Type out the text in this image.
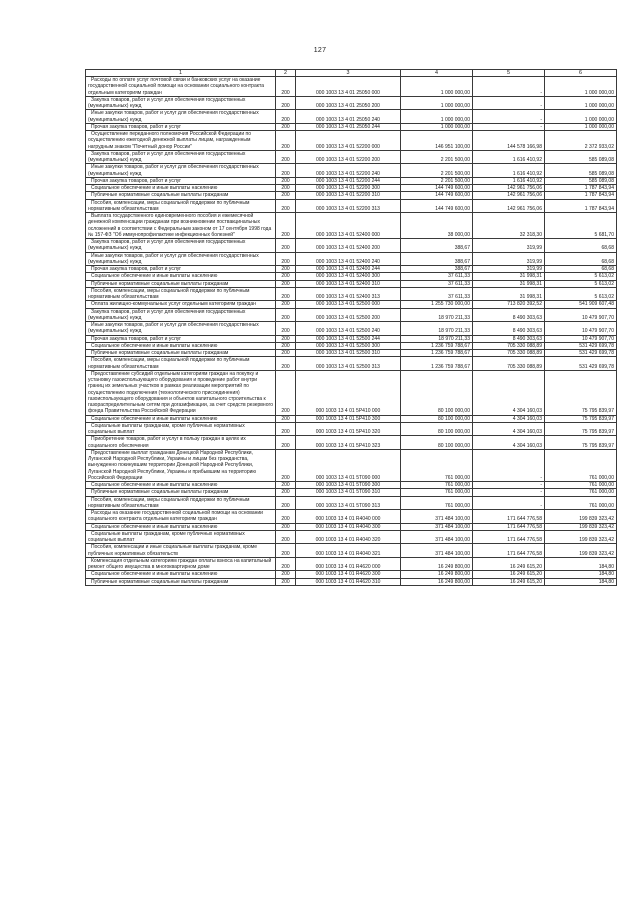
127
1	2	3	4	5	6
Расходы по оплате услуг почтовой связи и банковских услуг на оказание государственной социальной помощи на основании социального контракта отдельным категориям граждан	200	000 1003 13 4 01 25050 000	1 000 000,00	-	1 000 000,00
Закупка товаров, работ и услуг для обеспечения государственных (муниципальных) нужд	200	000 1003 13 4 01 25050 200	1 000 000,00	-	1 000 000,00
Иные закупки товаров, работ и услуг для обеспечения государственных (муниципальных) нужд	200	000 1003 13 4 01 25050 240	1 000 000,00	-	1 000 000,00
Прочая закупка товаров, работ и услуг	200	000 1003 13 4 01 25050 244	1 000 000,00	-	1 000 000,00
Осуществление переданного полномочия Российской Федерации по осуществлению ежегодной денежной выплаты лицам, награжденным нагрудным знаком "Почетный донор России"	200	000 1003 13 4 01 52200 000	146 951 100,00	144 578 166,98	2 372 933,02
Закупка товаров, работ и услуг для обеспечения государственных (муниципальных) нужд	200	000 1003 13 4 01 52200 200	2 201 500,00	1 616 410,92	585 089,08
Иные закупки товаров, работ и услуг для обеспечения государственных (муниципальных) нужд	200	000 1003 13 4 01 52200 240	2 201 500,00	1 616 410,92	585 089,08
Прочая закупка товаров, работ и услуг	200	000 1003 13 4 01 52200 244	2 201 500,00	1 616 410,92	585 089,08
Социальное обеспечение и иные выплаты населению	200	000 1003 13 4 01 52200 300	144 749 600,00	142 961 756,06	1 787 843,94
Публичные нормативные социальные выплаты гражданам	200	000 1003 13 4 01 52200 310	144 749 600,00	142 961 756,06	1 787 843,94
Пособия, компенсации, меры социальной поддержки по публичным нормативным обязательствам	200	000 1003 13 4 01 52200 313	144 749 600,00	142 961 756,06	1 787 843,94
Выплата государственного единовременного пособия и ежемесячной денежной компенсации гражданам при возникновении поствакцинальных осложнений в соответствии с Федеральным законом от 17 сентября 1998 года № 157-ФЗ "Об иммунопрофилактике инфекционных болезней"	200	000 1003 13 4 01 52400 000	38 000,00	32 318,30	5 681,70
Закупка товаров, работ и услуг для обеспечения государственных (муниципальных) нужд	200	000 1003 13 4 01 52400 200	388,67	319,99	68,68
Иные закупки товаров, работ и услуг для обеспечения государственных (муниципальных) нужд	200	000 1003 13 4 01 52400 240	388,67	319,99	68,68
Прочая закупка товаров, работ и услуг	200	000 1003 13 4 01 52400 244	388,67	319,99	68,68
Социальное обеспечение и иные выплаты населению	200	000 1003 13 4 01 52400 300	37 611,33	31 998,31	5 613,02
Публичные нормативные социальные выплаты гражданам	200	000 1003 13 4 01 52400 310	37 611,33	31 998,31	5 613,02
Пособия, компенсации, меры социальной поддержки по публичным нормативным обязательствам	200	000 1003 13 4 01 52400 313	37 611,33	31 998,31	5 613,02
Оплата жилищно-коммунальных услуг отдельным категориям граждан	200	000 1003 13 4 01 52500 000	1 255 730 000,00	713 820 392,52	541 909 607,48
Закупка товаров, работ и услуг для обеспечения государственных (муниципальных) нужд	200	000 1003 13 4 01 52500 200	18 970 211,33	8 490 303,63	10 479 907,70
Иные закупки товаров, работ и услуг для обеспечения государственных (муниципальных) нужд	200	000 1003 13 4 01 52500 240	18 970 211,33	8 490 303,63	10 479 907,70
Прочая закупка товаров, работ и услуг	200	000 1003 13 4 01 52500 244	18 970 211,33	8 490 303,63	10 479 907,70
Социальное обеспечение и иные выплаты населению	200	000 1003 13 4 01 52500 300	1 236 759 788,67	705 330 088,89	531 429 699,78
Публичные нормативные социальные выплаты гражданам	200	000 1003 13 4 01 52500 310	1 236 759 788,67	705 330 088,89	531 429 699,78
Пособия, компенсации, меры социальной поддержки по публичным нормативным обязательствам	200	000 1003 13 4 01 52500 313	1 236 759 788,67	705 330 088,89	531 429 699,78
Предоставление субсидий отдельным категориям граждан на покупку и установку газоиспользующего оборудования и проведение работ внутри границ их земельных участков в рамках реализации мероприятий по осуществлению подключения (технологического присоединения) газоиспользующего оборудования и объектов капитального строительства к газораспределительным сетям при догазификации, за счет средств резервного фонда Правительства Российской Федерации	200	000 1003 13 4 01 5Р410 000	80 100 000,00	4 304 160,03	75 795 839,97
Социальное обеспечение и иные выплаты населению	200	000 1003 13 4 01 5Р410 300	80 100 000,00	4 304 160,03	75 795 839,97
Социальные выплаты гражданам, кроме публичных нормативных социальных выплат	200	000 1003 13 4 01 5Р410 320	80 100 000,00	4 304 160,03	75 795 839,97
Приобретение товаров, работ и услуг в пользу граждан в целях их социального обеспечения	200	000 1003 13 4 01 5Р410 323	80 100 000,00	4 304 160,03	75 795 839,97
Предоставление выплат гражданам Донецкой Народной Республики, Луганской Народной Республики, Украины и лицам без гражданства, вынужденно покинувшим территории Донецкой Народной Республики, Луганской Народной Республики, Украины и прибывшим на территорию Российской Федерации	200	000 1003 13 4 01 5Т090 000	761 000,00	-	761 000,00
Социальное обеспечение и иные выплаты населению	200	000 1003 13 4 01 5Т090 300	761 000,00	-	761 000,00
Публичные нормативные социальные выплаты гражданам	200	000 1003 13 4 01 5Т090 310	761 000,00	-	761 000,00
Пособия, компенсации, меры социальной поддержки по публичным нормативным обязательствам	200	000 1003 13 4 01 5Т090 313	761 000,00	-	761 000,00
Расходы на оказание государственной социальной помощи на основании социального контракта отдельным категориям граждан	200	000 1003 13 4 01 R4040 000	371 484 100,00	171 644 776,58	199 839 323,42
Социальное обеспечение и иные выплаты населению	200	000 1003 13 4 01 R4040 300	371 484 100,00	171 644 776,58	199 839 323,42
Социальные выплаты гражданам, кроме публичных нормативных социальных выплат	200	000 1003 13 4 01 R4040 320	371 484 100,00	171 644 776,58	199 839 323,42
Пособия, компенсации и иные социальные выплаты гражданам, кроме публичных нормативных обязательств	200	000 1003 13 4 01 R4040 321	371 484 100,00	171 644 776,58	199 839 323,42
Компенсация отдельным категориям граждан оплаты взноса на капитальный ремонт общего имущества в многоквартирном доме	200	000 1003 13 4 01 R4620 000	16 249 800,00	16 249 615,20	184,80
Социальное обеспечение и иные выплаты населению	200	000 1003 13 4 01 R4620 300	16 249 800,00	16 249 615,20	184,80
Публичные нормативные социальные выплаты гражданам	200	000 1003 13 4 01 R4620 310	16 249 800,00	16 249 615,20	184,80
